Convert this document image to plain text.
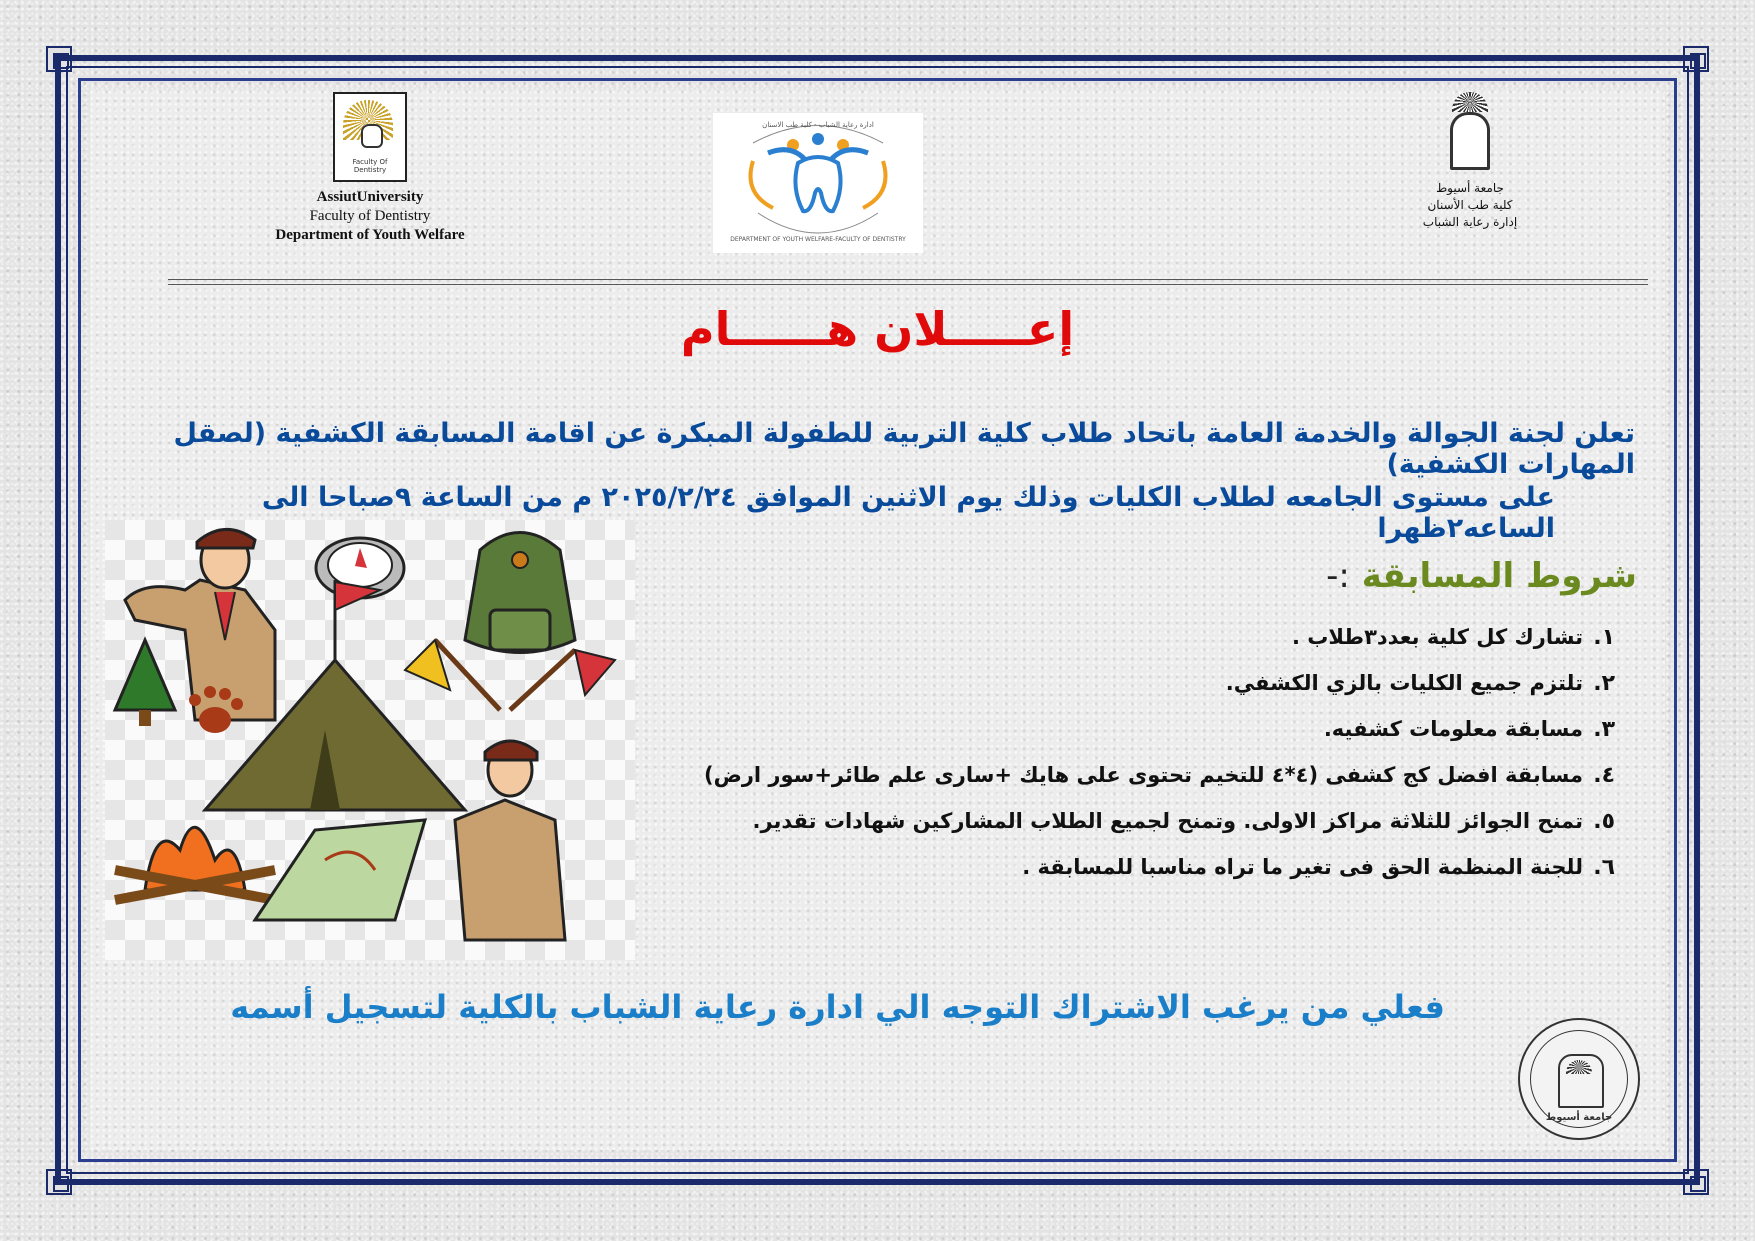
Faculty Of Dentistry
AssiutUniversity
Faculty of Dentistry
Department of Youth Welfare
ادارة رعاية الشباب - كلية طب الاسنان
DEPARTMENT OF YOUTH WELFARE-FACULTY OF DENTISTRY
جامعة أسيوط
كلية طب الأسنان
إدارة رعاية الشباب
إعـــــلان هــــــام
تعلن لجنة الجوالة والخدمة العامة باتحاد طلاب كلية التربية للطفولة المبكرة عن اقامة المسابقة الكشفية (لصقل المهارات الكشفية)
على مستوى الجامعه لطلاب الكليات وذلك يوم الاثنين الموافق ٢٠٢٥/٢/٢٤ م من الساعة ٩صباحا الى الساعه٢ظهرا
شروط المسابقة :-
١.
تشارك كل كلية بعدد٣طلاب .
٢.
تلتزم جميع الكليات بالزي الكشفي.
٣.
مسابقة معلومات كشفيه.
٤.
مسابقة افضل كج كشفى (٤*٤ للتخيم تحتوى على هايك +سارى علم طائر+سور ارض)
٥.
تمنح الجوائز للثلاثة مراكز الاولى. وتمنح لجميع الطلاب المشاركين شهادات تقدير.
٦.
للجنة المنظمة الحق فى تغير ما تراه مناسبا للمسابقة .
فعلي من يرغب الاشتراك التوجه الي ادارة رعاية الشباب بالكلية لتسجيل أسمه
جامعة أسيوط
